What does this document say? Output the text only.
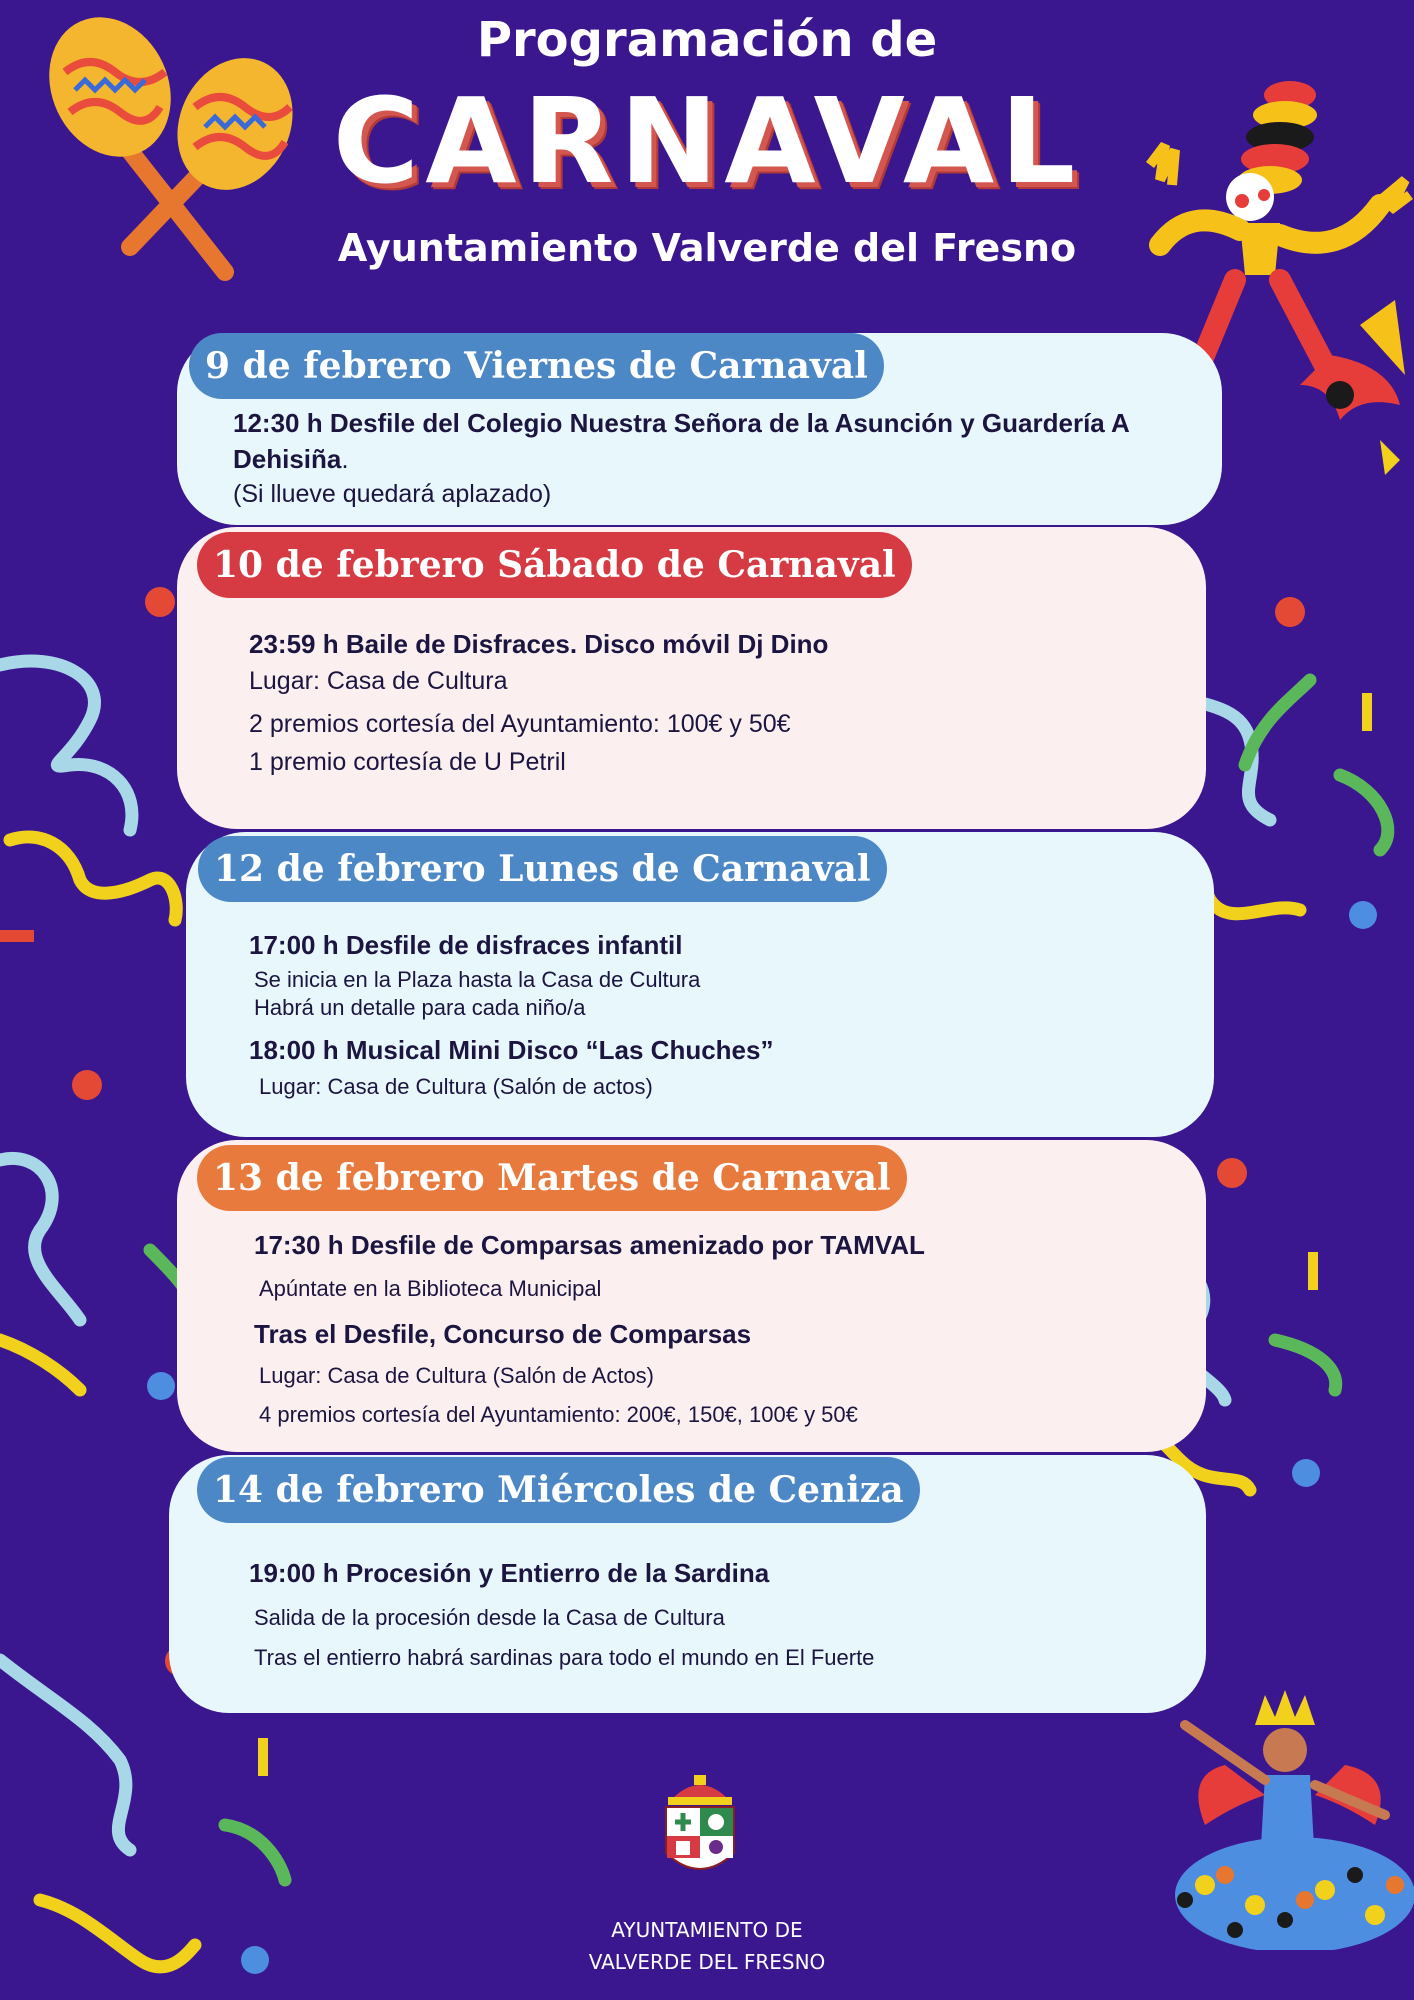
Programación de
CARNAVAL
Ayuntamiento Valverde del Fresno
9 de febrero Viernes de Carnaval
12:30 h Desfile del Colegio Nuestra Señora de la Asunción y Guardería A
Dehisiña.
(Si llueve quedará aplazado)
10 de febrero Sábado de Carnaval
23:59 h Baile de Disfraces. Disco móvil Dj Dino
Lugar: Casa de Cultura
2 premios cortesía del Ayuntamiento: 100€ y 50€
1 premio cortesía de U Petril
12 de febrero Lunes de Carnaval
17:00 h Desfile de disfraces infantil
Se inicia en la Plaza hasta la Casa de Cultura
Habrá un detalle para cada niño/a
18:00 h Musical Mini Disco “Las Chuches”
Lugar: Casa de Cultura (Salón de actos)
13 de febrero Martes de Carnaval
17:30 h Desfile de Comparsas amenizado por TAMVAL
Apúntate en la Biblioteca Municipal
Tras el Desfile, Concurso de Comparsas
Lugar: Casa de Cultura (Salón de Actos)
4 premios cortesía del Ayuntamiento: 200€, 150€, 100€ y 50€
14 de febrero Miércoles de Ceniza
19:00 h Procesión y Entierro de la Sardina
Salida de la procesión desde la Casa de Cultura
Tras el entierro habrá sardinas para todo el mundo en El Fuerte
AYUNTAMIENTO DE
VALVERDE DEL FRESNO
